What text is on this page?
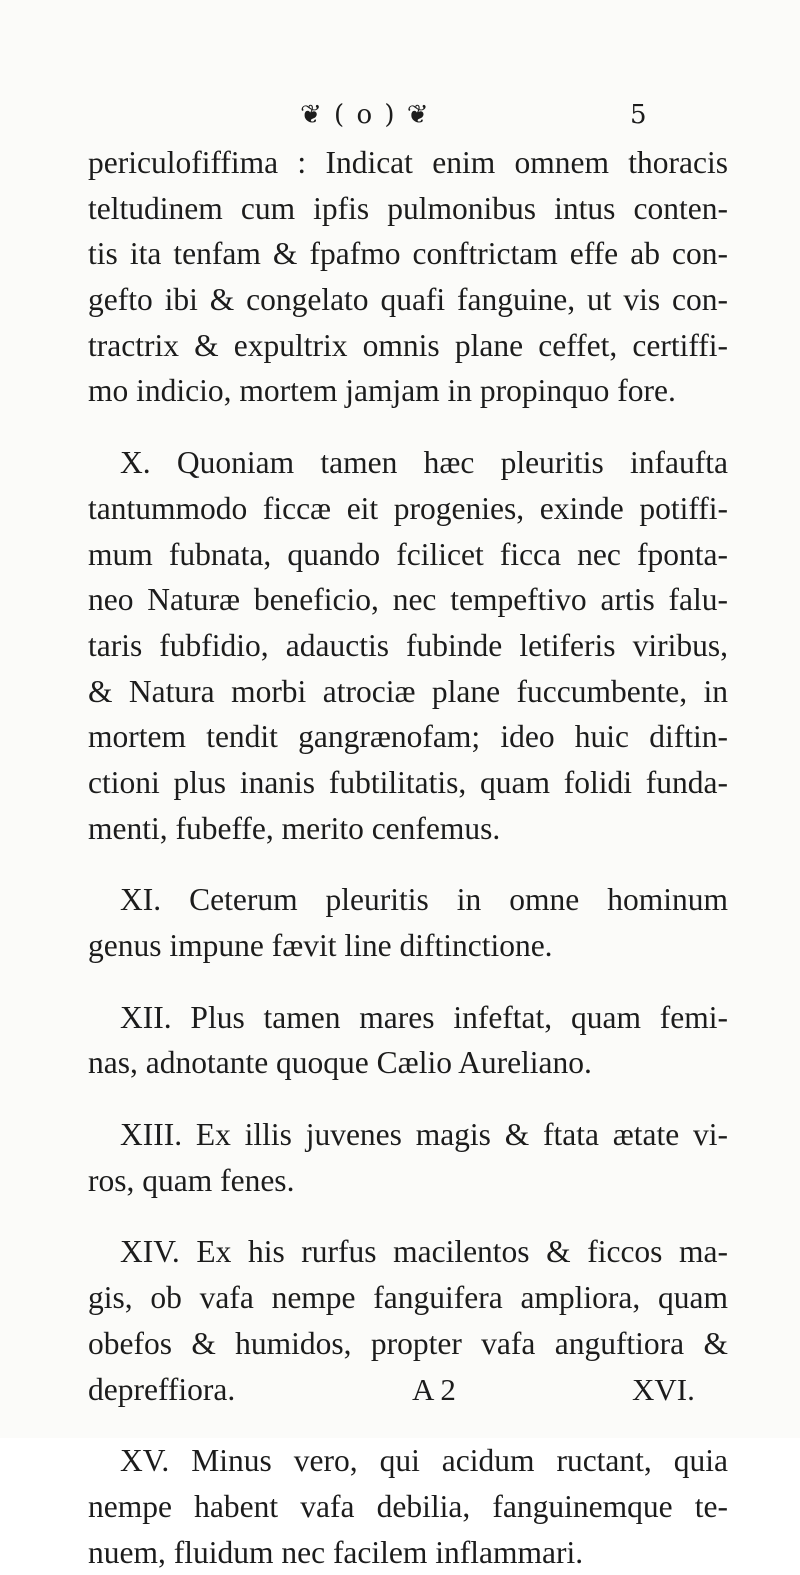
❦ ( o ) ❦	5
periculofiffima : Indicat enim omnem thoracis
teltudinem cum ipfis pulmonibus intus conten-
tis ita tenfam & fpafmo conftrictam effe ab con-
gefto ibi & congelato quafi fanguine, ut vis con-
tractrix & expultrix omnis plane ceffet, certiffi-
mo indicio, mortem jamjam in propinquo fore.
X. Quoniam tamen hæc pleuritis infaufta
tantummodo ficcæ eit progenies, exinde potiffi-
mum fubnata, quando fcilicet ficca nec fponta-
neo Naturæ beneficio, nec tempeftivo artis falu-
taris fubfidio, adauctis fubinde letiferis viribus,
& Natura morbi atrociæ plane fuccumbente, in
mortem tendit gangrænofam; ideo huic diftin-
ctioni plus inanis fubtilitatis, quam folidi funda-
menti, fubeffe, merito cenfemus.
XI. Ceterum pleuritis in omne hominum
genus impune fævit line diftinctione.
XII. Plus tamen mares infeftat, quam femi-
nas, adnotante quoque Cælio Aureliano.
XIII. Ex illis juvenes magis & ftata ætate vi-
ros, quam fenes.
XIV. Ex his rurfus macilentos & ficcos ma-
gis, ob vafa nempe fanguifera ampliora, quam
obefos & humidos, propter vafa anguftiora &
depreffiora.
XV. Minus vero, qui acidum ructant, quia
nempe habent vafa debilia, fanguinemque te-
nuem, fluidum nec facilem inflammari.
A 2	XVI.
